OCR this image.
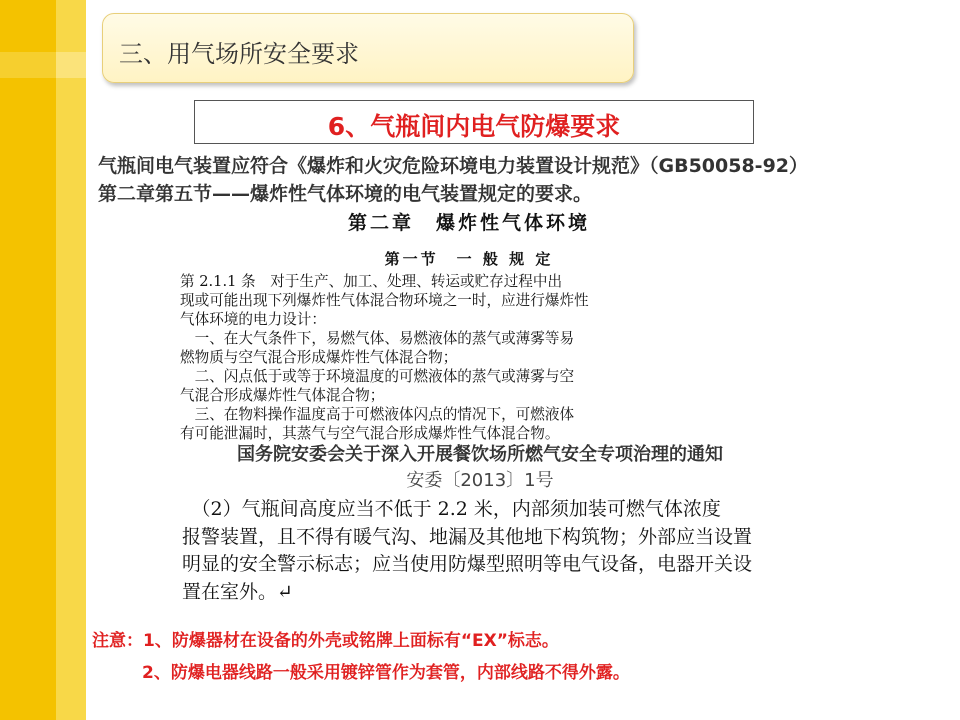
三、用气场所安全要求
6、气瓶间内电气防爆要求
气瓶间电气装置应符合《爆炸和火灾危险环境电力装置设计规范》（GB50058-92）
第二章第五节——爆炸性气体环境的电气装置规定的要求。
第二章　爆炸性气体环境
第一节　一 般 规 定
第 2.1.1 条　对于生产、加工、处理、转运或贮存过程中出
现或可能出现下列爆炸性气体混合物环境之一时，应进行爆炸性
气体环境的电力设计：
　一、在大气条件下，易燃气体、易燃液体的蒸气或薄雾等易
燃物质与空气混合形成爆炸性气体混合物；
　二、闪点低于或等于环境温度的可燃液体的蒸气或薄雾与空
气混合形成爆炸性气体混合物；
　三、在物料操作温度高于可燃液体闪点的情况下，可燃液体
有可能泄漏时，其蒸气与空气混合形成爆炸性气体混合物。
国务院安委会关于深入开展餐饮场所燃气安全专项治理的通知
安委〔2013〕1号
　（2）气瓶间高度应当不低于 2.2 米，内部须加装可燃气体浓度
报警装置，且不得有暖气沟、地漏及其他地下构筑物；外部应当设置
明显的安全警示标志；应当使用防爆型照明等电气设备，电器开关设
置在室外。↵
注意：1、防爆器材在设备的外壳或铭牌上面标有“EX”标志。
2、防爆电器线路一般采用镀锌管作为套管，内部线路不得外露。
